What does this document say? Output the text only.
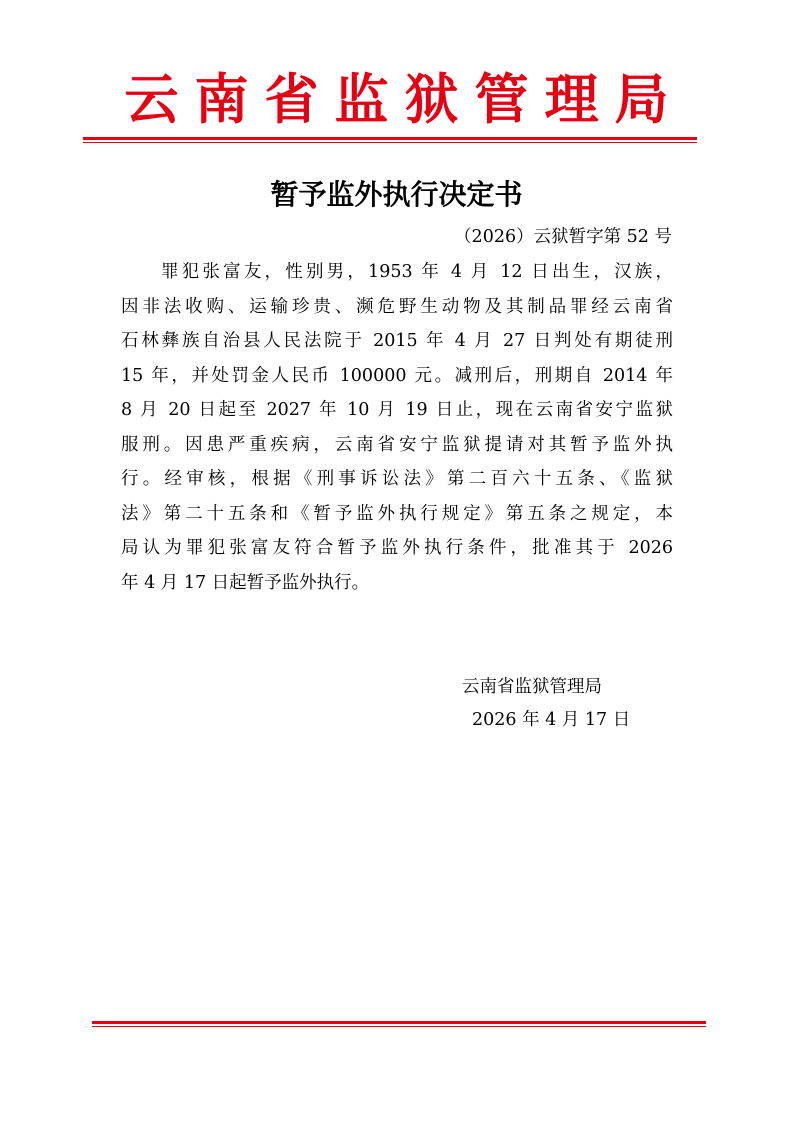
云南省监狱管理局
暂予监外执行决定书
（2026）云狱暂字第 52 号
罪犯张富友，性别男，1953 年 4 月 12 日出生，汉族，
因非法收购、运输珍贵、濒危野生动物及其制品罪经云南省
石林彝族自治县人民法院于 2015 年 4 月 27 日判处有期徒刑
15 年，并处罚金人民币 100000 元。减刑后，刑期自 2014 年
8 月 20 日起至 2027 年 10 月 19 日止，现在云南省安宁监狱
服刑。因患严重疾病，云南省安宁监狱提请对其暂予监外执
行。经审核，根据《刑事诉讼法》第二百六十五条、《监狱
法》第二十五条和《暂予监外执行规定》第五条之规定，本
局认为罪犯张富友符合暂予监外执行条件，批准其于 2026
年 4 月 17 日起暂予监外执行。
云南省监狱管理局
2026 年 4 月 17 日
